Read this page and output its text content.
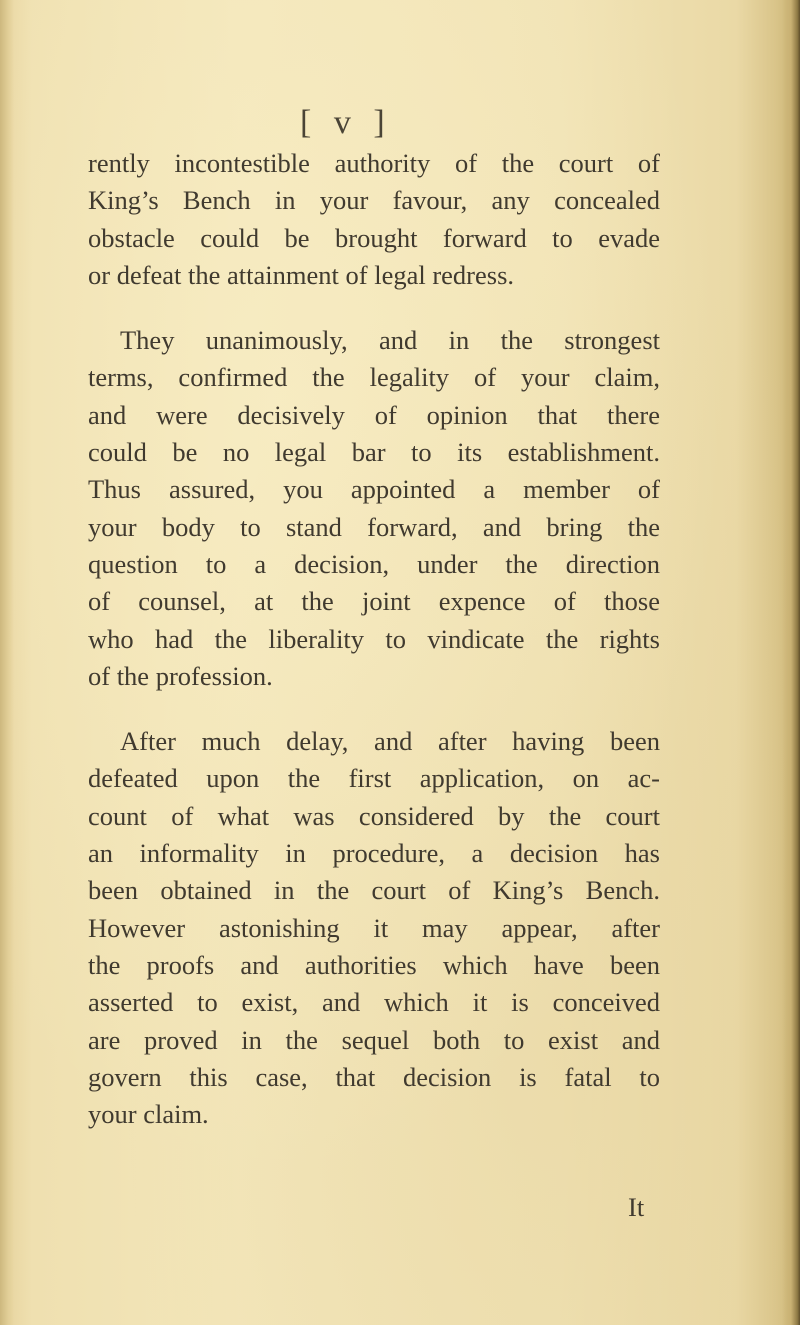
[ v ]

rently incontestible authority of the court of
King’s Bench in your favour, any concealed
obstacle could be brought forward to evade
or defeat the attainment of legal redress.

They unanimously, and in the strongest
terms, confirmed the legality of your claim,
and were decisively of opinion that there
could be no legal bar to its establishment.
Thus assured, you appointed a member of
your body to stand forward, and bring the
question to a decision, under the direction
of counsel, at the joint expence of those
who had the liberality to vindicate the rights
of the profession.

After much delay, and after having been
defeated upon the first application, on ac-
count of what was considered by the court
an informality in procedure, a decision has
been obtained in the court of King’s Bench.
However astonishing it may appear, after
the proofs and authorities which have been
asserted to exist, and which it is conceived
are proved in the sequel both to exist and
govern this case, that decision is fatal to
your claim.

It
